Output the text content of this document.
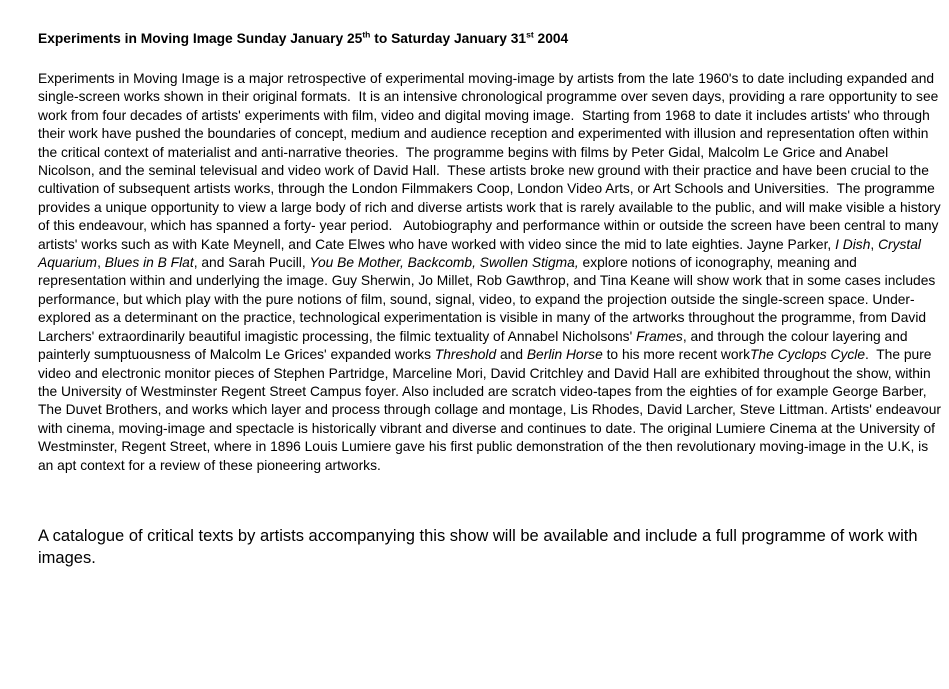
Experiments in Moving Image Sunday January 25th to Saturday January 31st 2004
Experiments in Moving Image is a major retrospective of experimental moving-image by artists from the late 1960's to date including expanded and single-screen works shown in their original formats.  It is an intensive chronological programme over seven days, providing a rare opportunity to see work from four decades of artists' experiments with film, video and digital moving image.  Starting from 1968 to date it includes artists' who through their work have pushed the boundaries of concept, medium and audience reception and experimented with illusion and representation often within the critical context of materialist and anti-narrative theories.  The programme begins with films by Peter Gidal, Malcolm Le Grice and Anabel Nicolson, and the seminal televisual and video work of David Hall.  These artists broke new ground with their practice and have been crucial to the cultivation of subsequent artists works, through the London Filmmakers Coop, London Video Arts, or Art Schools and Universities.  The programme provides a unique opportunity to view a large body of rich and diverse artists work that is rarely available to the public, and will make visible a history of this endeavour, which has spanned a forty- year period.   Autobiography and performance within or outside the screen have been central to many artists' works such as with Kate Meynell, and Cate Elwes who have worked with video since the mid to late eighties. Jayne Parker, I Dish, Crystal Aquarium, Blues in B Flat, and Sarah Pucill, You Be Mother, Backcomb, Swollen Stigma, explore notions of iconography, meaning and representation within and underlying the image. Guy Sherwin, Jo Millet, Rob Gawthrop, and Tina Keane will show work that in some cases includes performance, but which play with the pure notions of film, sound, signal, video, to expand the projection outside the single-screen space. Under-explored as a determinant on the practice, technological experimentation is visible in many of the artworks throughout the programme, from David Larchers' extraordinarily beautiful imagistic processing, the filmic textuality of Annabel Nicholsons' Frames, and through the colour layering and painterly sumptuousness of Malcolm Le Grices' expanded works Threshold and Berlin Horse to his more recent workThe Cyclops Cycle.  The pure video and electronic monitor pieces of Stephen Partridge, Marceline Mori, David Critchley and David Hall are exhibited throughout the show, within the University of Westminster Regent Street Campus foyer. Also included are scratch video-tapes from the eighties of for example George Barber, The Duvet Brothers, and works which layer and process through collage and montage, Lis Rhodes, David Larcher, Steve Littman. Artists' endeavour with cinema, moving-image and spectacle is historically vibrant and diverse and continues to date. The original Lumiere Cinema at the University of Westminster, Regent Street, where in 1896 Louis Lumiere gave his first public demonstration of the then revolutionary moving-image in the U.K, is an apt context for a review of these pioneering artworks.
A catalogue of critical texts by artists accompanying this show will be available and include a full programme of work with images.
